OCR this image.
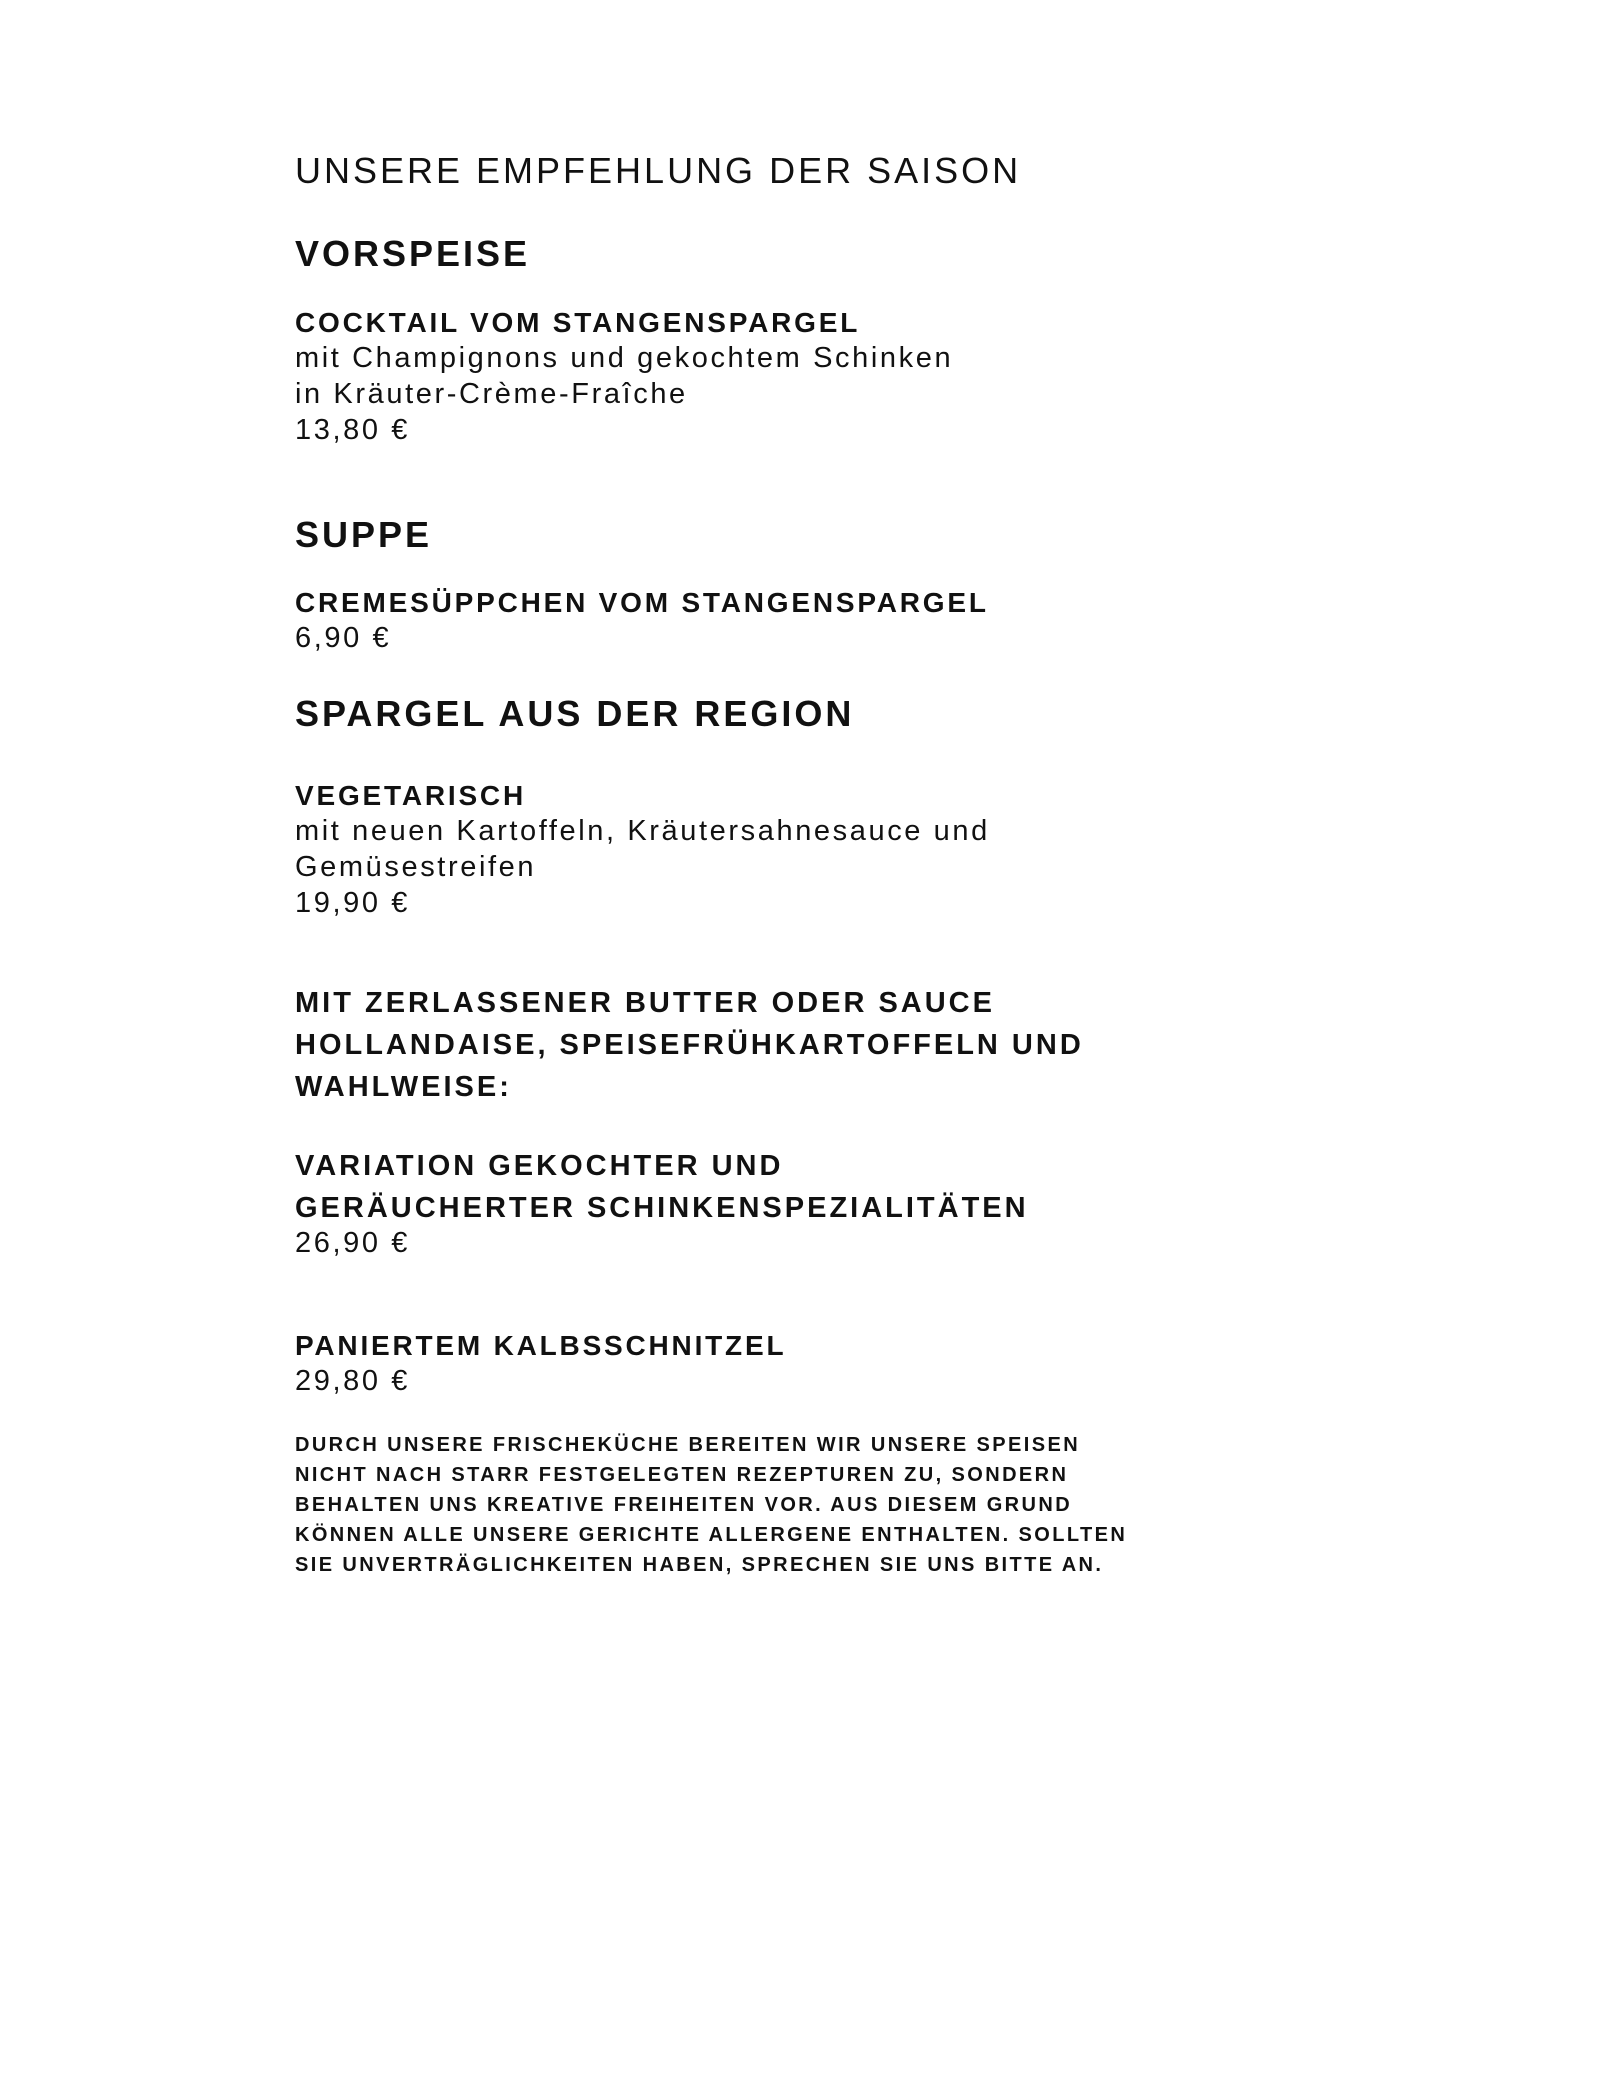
UNSERE EMPFEHLUNG DER SAISON
VORSPEISE
COCKTAIL VOM STANGENSPARGEL
mit Champignons und gekochtem Schinken
in Kräuter-Crème-Fraîche
13,80 €
SUPPE
CREMESÜPPCHEN VOM STANGENSPARGEL
6,90 €
SPARGEL AUS DER REGION
VEGETARISCH
mit neuen Kartoffeln, Kräutersahnesauce und
Gemüsestreifen
19,90 €
MIT ZERLASSENER BUTTER ODER SAUCE
HOLLANDAISE, SPEISEFRÜHKARTOFFELN UND
WAHLWEISE:
VARIATION GEKOCHTER UND
GERÄUCHERTER SCHINKENSPEZIALITÄTEN
26,90 €
PANIERTEM KALBSSCHNITZEL
29,80 €
DURCH UNSERE FRISCHEKÜCHE BEREITEN WIR UNSERE SPEISEN
NICHT NACH STARR FESTGELEGTEN REZEPTUREN ZU, SONDERN
BEHALTEN UNS KREATIVE FREIHEITEN VOR. AUS DIESEM GRUND
KÖNNEN ALLE UNSERE GERICHTE ALLERGENE ENTHALTEN. SOLLTEN
SIE UNVERTRÄGLICHKEITEN HABEN, SPRECHEN SIE UNS BITTE AN.
